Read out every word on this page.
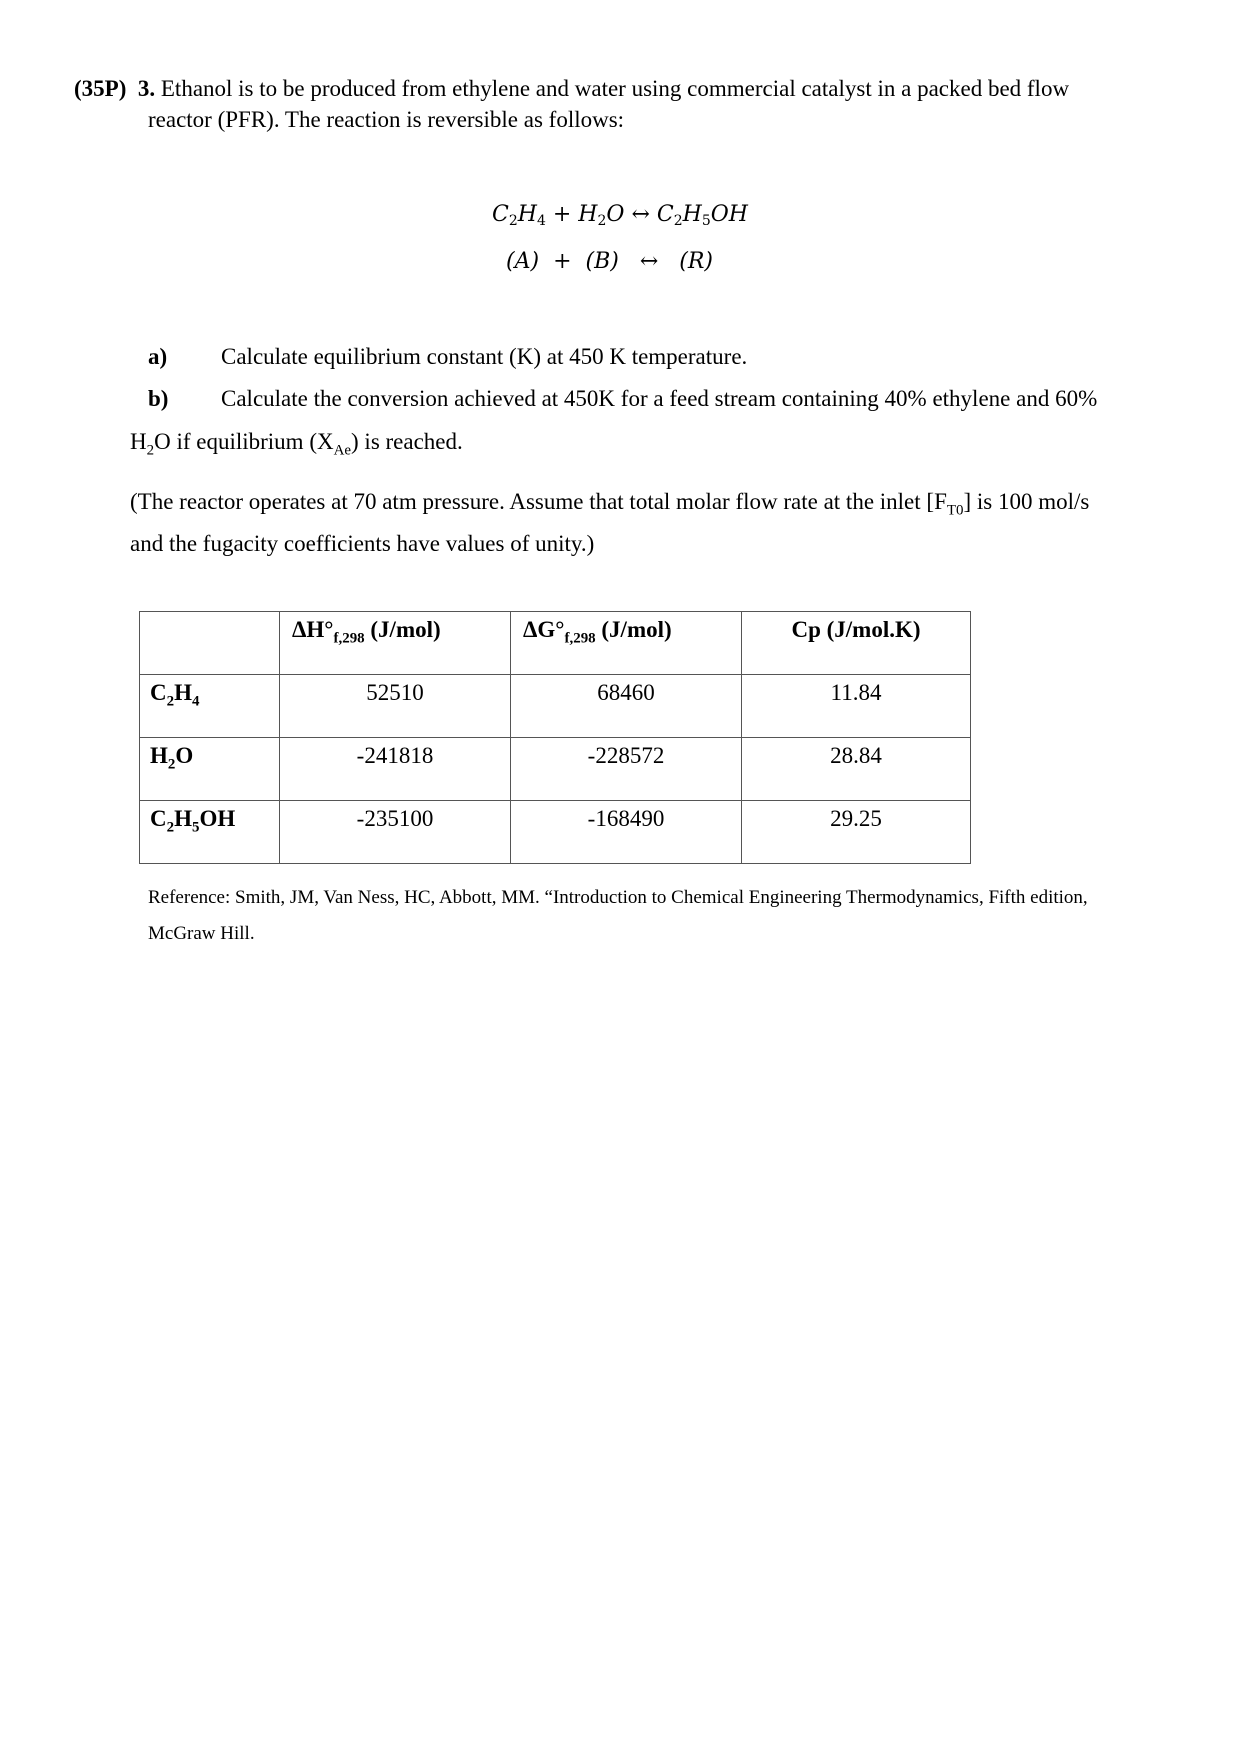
(35P) 3. Ethanol is to be produced from ethylene and water using commercial catalyst in a packed bed flow
reactor (PFR). The reaction is reversible as follows:
$C_2H_4 + H_2O$ ↔ $C_2H_5OH$
(A) + (B) ↔ (R)
a) Calculate equilibrium constant (K) at 450 K temperature.
b) Calculate the conversion achieved at 450K for a feed stream containing 40% ethylene and 60%
$H_2O$ if equilibrium $(X_{Ae})$ is reached.
(The reactor operates at 70 atm pressure. Assume that total molar flow rate at the inlet $[F_{T0}]$ is 100 mol/s
and the fugacity coefficients have values of unity.)
	$\Delta H^\circ_{f,298}$ (J/mol)	$\Delta G^\circ_{f,298}$ (J/mol)	Cp (J/mol.K)
$C_2H_4$	52510	68460	11.84
$H_2O$	-241818	-228572	28.84
$C_2H_5OH$	-235100	-168490	29.25
Reference: Smith, JM, Van Ness, HC, Abbott, MM. “Introduction to Chemical Engineering Thermodynamics, Fifth edition,
McGraw Hill.
